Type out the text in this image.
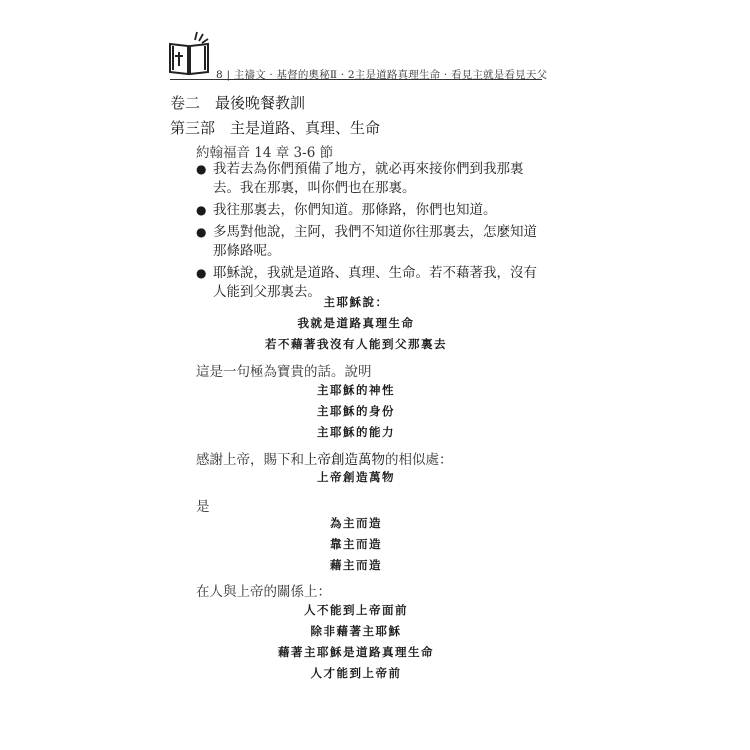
8 | 主禱文 · 基督的奧秘Ⅱ · 2主是道路真理生命 · 看見主就是看見天父
卷二　最後晚餐教訓
第三部　主是道路、真理、生命
約翰福音 14 章 3-6 節
● 我若去為你們預備了地方，就必再來接你們到我那裏去。我在那裏，叫你們也在那裏。
● 我往那裏去，你們知道。那條路，你們也知道。
● 多馬對他說，主阿，我們不知道你往那裏去，怎麼知道那條路呢。
● 耶穌說，我就是道路、真理、生命。若不藉著我，沒有人能到父那裏去。
主耶穌說：
我就是道路真理生命
若不藉著我沒有人能到父那裏去
這是一句極為寶貴的話。說明
主耶穌的神性
主耶穌的身份
主耶穌的能力
感謝上帝，賜下和上帝創造萬物的相似處：
上帝創造萬物
是
為主而造
靠主而造
藉主而造
在人與上帝的關係上：
人不能到上帝面前
除非藉著主耶穌
藉著主耶穌是道路真理生命
人才能到上帝前
